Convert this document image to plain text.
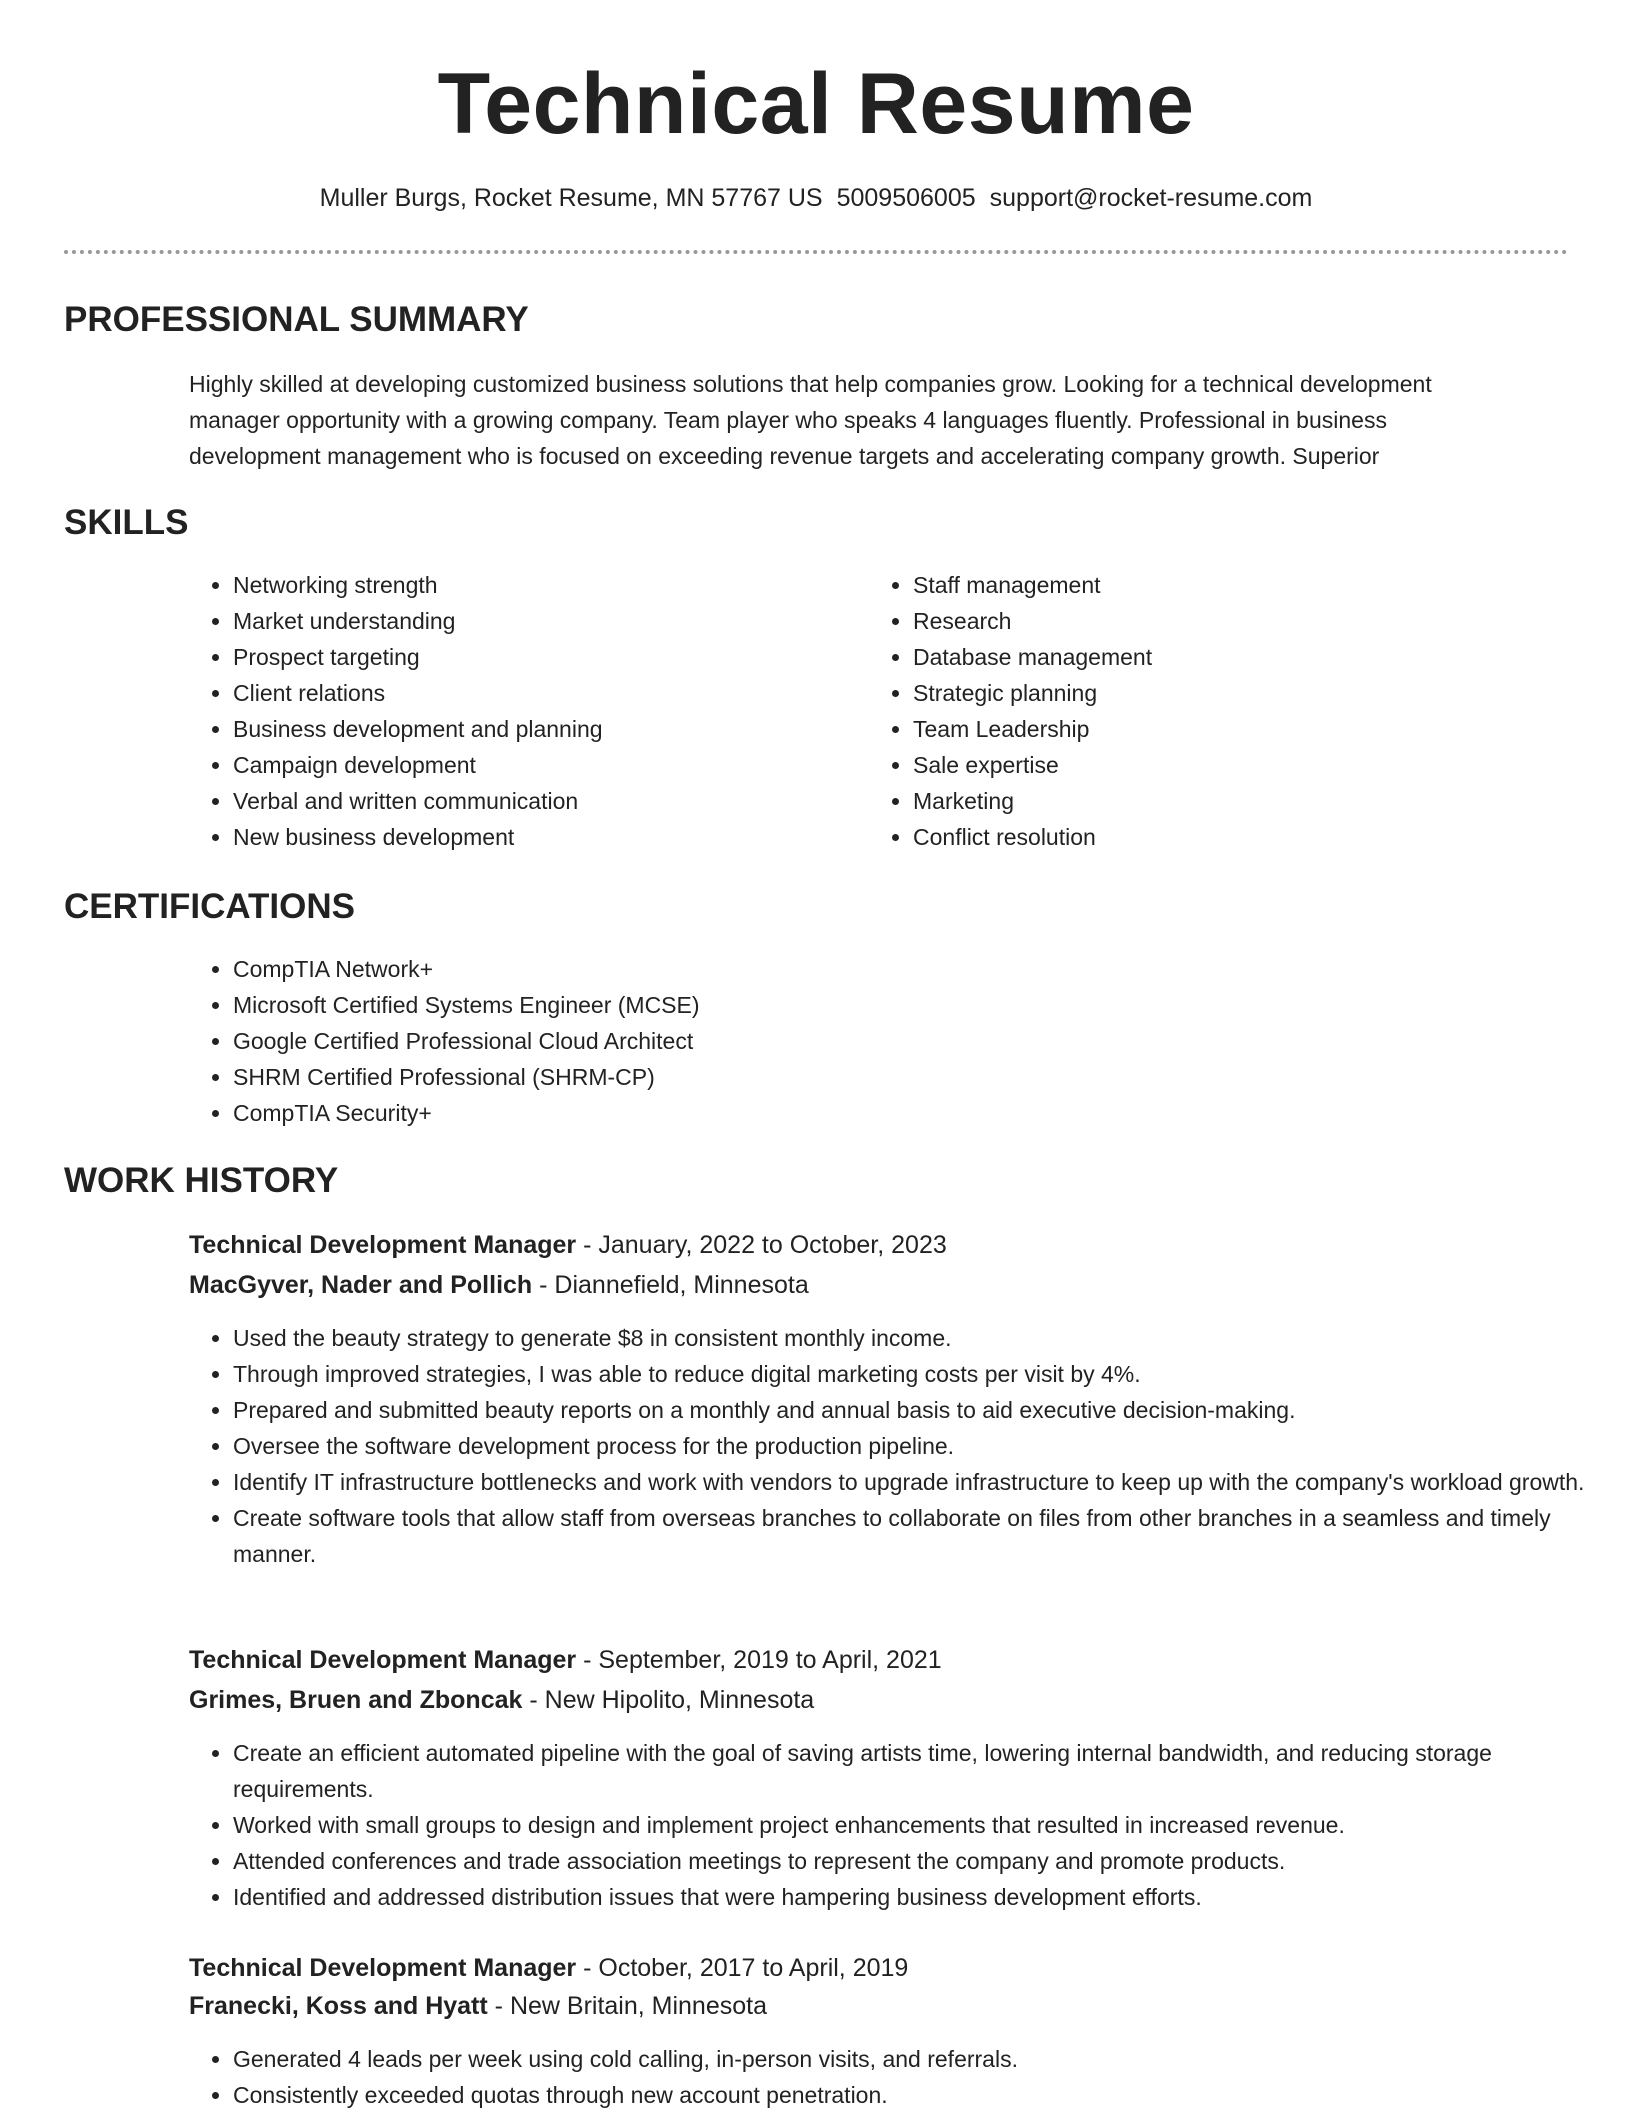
Technical Resume
Muller Burgs, Rocket Resume, MN 57767 US 5009506005 support@rocket-resume.com
PROFESSIONAL SUMMARY

Highly skilled at developing customized business solutions that help companies grow. Looking for a technical development

manager opportunity with a growing company. Team player who speaks 4 languages fluently. Professional in business

development management who is focused on exceeding revenue targets and accelerating company growth. Superior

SKILLS
• Networking strength
• Market understanding
• Prospect targeting
• Client relations
• Business development and planning
• Campaign development
• Verbal and written communication
• New business development
• Staff management
• Research
• Database management
• Strategic planning
• Team Leadership
• Sale expertise
• Marketing
• Conflict resolution
CERTIFICATIONS
• CompTIA Network+
• Microsoft Certified Systems Engineer (MCSE)
• Google Certified Professional Cloud Architect
• SHRM Certified Professional (SHRM-CP)
• CompTIA Security+
WORK HISTORY
Technical Development Manager - January, 2022 to October, 2023
MacGyver, Nader and Pollich - Diannefield, Minnesota
• Used the beauty strategy to generate $8 in consistent monthly income.
• Through improved strategies, I was able to reduce digital marketing costs per visit by 4%.
• Prepared and submitted beauty reports on a monthly and annual basis to aid executive decision-making.
• Oversee the software development process for the production pipeline.
• Identify IT infrastructure bottlenecks and work with vendors to upgrade infrastructure to keep up with the company's workload growth.
• Create software tools that allow staff from overseas branches to collaborate on files from other branches in a seamless and timely manner.
Technical Development Manager - September, 2019 to April, 2021
Grimes, Bruen and Zboncak - New Hipolito, Minnesota
• Create an efficient automated pipeline with the goal of saving artists time, lowering internal bandwidth, and reducing storage requirements.
• Worked with small groups to design and implement project enhancements that resulted in increased revenue.
• Attended conferences and trade association meetings to represent the company and promote products.
• Identified and addressed distribution issues that were hampering business development efforts.
Technical Development Manager - October, 2017 to April, 2019
Franecki, Koss and Hyatt - New Britain, Minnesota
• Generated 4 leads per week using cold calling, in-person visits, and referrals.
• Consistently exceeded quotas through new account penetration.
